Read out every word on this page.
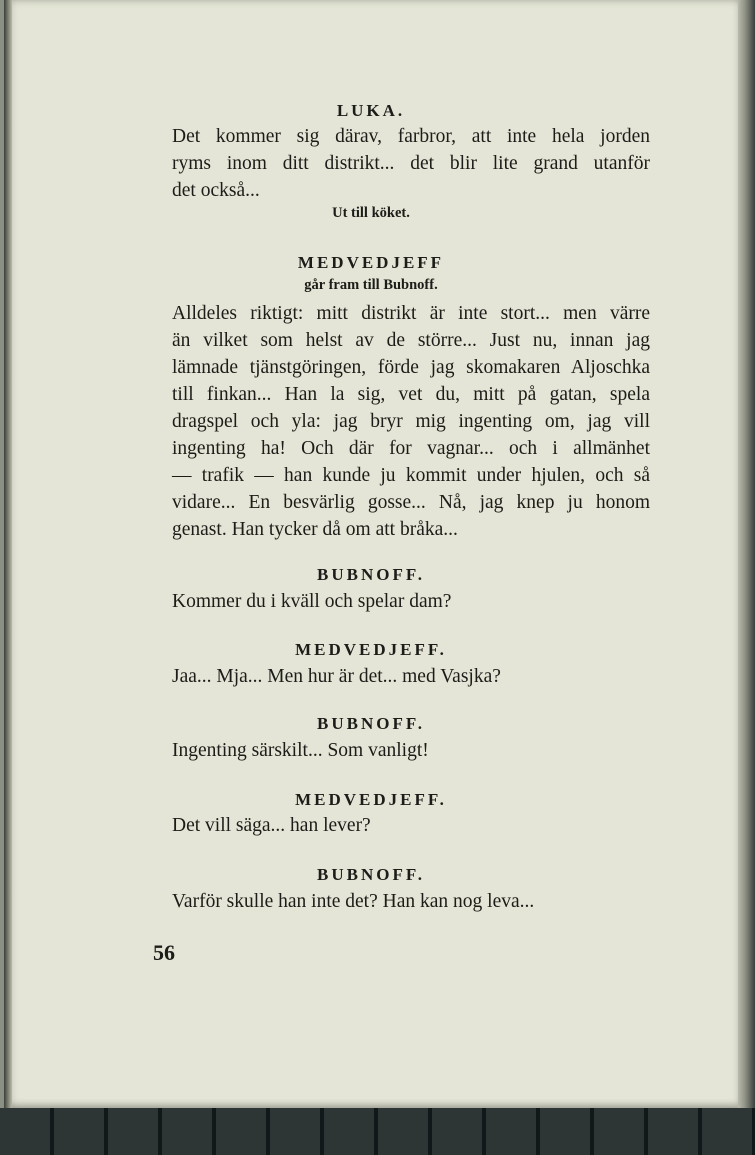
LUKA.
Det kommer sig därav, farbror, att inte hela jorden
ryms inom ditt distrikt... det blir lite grand utanför
det också...
Ut till köket.
MEDVEDJEFF
går fram till Bubnoff.
Alldeles riktigt: mitt distrikt är inte stort... men värre
än vilket som helst av de större... Just nu, innan jag
lämnade tjänstgöringen, förde jag skomakaren Aljoschka
till finkan... Han la sig, vet du, mitt på gatan, spela
dragspel och yla: jag bryr mig ingenting om, jag vill
ingenting ha! Och där for vagnar... och i allmänhet
— trafik — han kunde ju kommit under hjulen, och så
vidare... En besvärlig gosse... Nå, jag knep ju honom
genast. Han tycker då om att bråka...
BUBNOFF.
Kommer du i kväll och spelar dam?
MEDVEDJEFF.
Jaa... Mja... Men hur är det... med Vasjka?
BUBNOFF.
Ingenting särskilt... Som vanligt!
MEDVEDJEFF.
Det vill säga... han lever?
BUBNOFF.
Varför skulle han inte det? Han kan nog leva...
56
